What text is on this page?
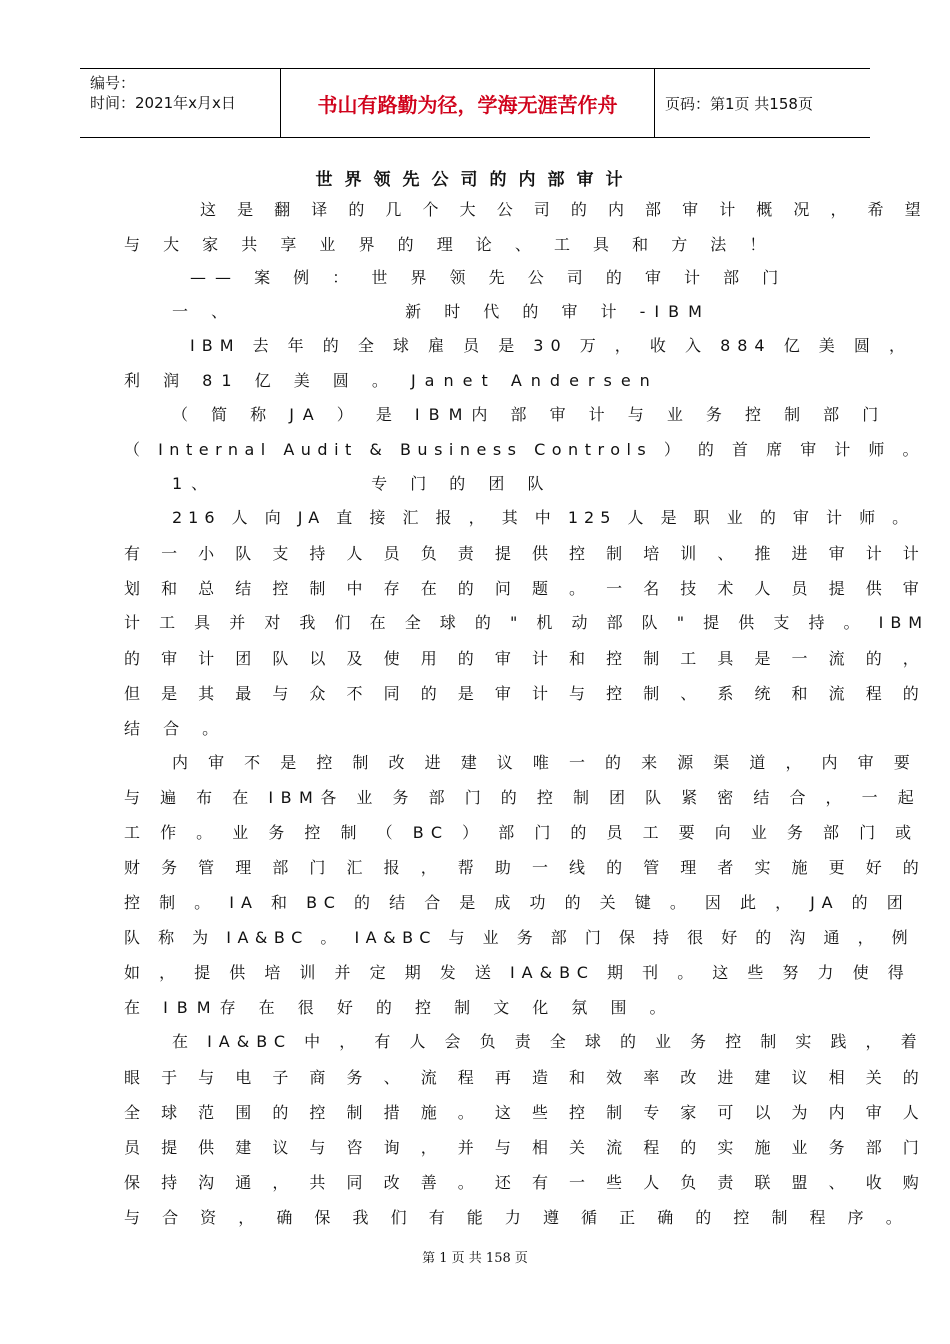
编号：
时间：2021年x月x日	书山有路勤为径，学海无涯苦作舟	页码：第1页 共158页
世界领先公司的内部审计
这 是 翻 译 的 几 个 大 公 司 的 内 部 审 计 概 况 ， 希 望
与 大 家 共 享 业 界 的 理 论 、 工 具 和 方 法 ！
—— 案 例 ： 世 界 领 先 公 司 的 审 计 部 门
一 、            新 时 代 的 审 计 -IBM
IBM 去 年 的 全 球 雇 员 是 30 万 ， 收 入 884 亿 美 圆 ，
利 润 81 亿 美 圆 。 Janet Andersen
（ 简 称 JA ） 是 IBM内 部 审 计 与 业 务 控 制 部 门
（ Internal Audit & Business Controls ） 的 首 席 审 计 师 。
1、           专 门 的 团 队
216 人 向 JA 直 接 汇 报 ， 其 中 125 人 是 职 业 的 审 计 师 。
有 一 小 队 支 持 人 员 负 责 提 供 控 制 培 训 、 推 进 审 计 计
划 和 总 结 控 制 中 存 在 的 问 题 。 一 名 技 术 人 员 提 供 审
计 工 具 并 对 我 们 在 全 球 的 " 机 动 部 队 " 提 供 支 持 。 IBM
的 审 计 团 队 以 及 使 用 的 审 计 和 控 制 工 具 是 一 流 的 ，
但 是 其 最 与 众 不 同 的 是 审 计 与 控 制 、 系 统 和 流 程 的
结 合 。
内 审 不 是 控 制 改 进 建 议 唯 一 的 来 源 渠 道 ， 内 审 要
与 遍 布 在 IBM各 业 务 部 门 的 控 制 团 队 紧 密 结 合 ， 一 起
工 作 。 业 务 控 制 （ BC ） 部 门 的 员 工 要 向 业 务 部 门 或
财 务 管 理 部 门 汇 报 ， 帮 助 一 线 的 管 理 者 实 施 更 好 的
控 制 。 IA 和 BC 的 结 合 是 成 功 的 关 键 。 因 此 ， JA 的 团
队 称 为 IA&BC 。 IA&BC 与 业 务 部 门 保 持 很 好 的 沟 通 ， 例
如 ， 提 供 培 训 并 定 期 发 送 IA&BC 期 刊 。 这 些 努 力 使 得
在 IBM存 在 很 好 的 控 制 文 化 氛 围 。
在 IA&BC 中 ， 有 人 会 负 责 全 球 的 业 务 控 制 实 践 ， 着
眼 于 与 电 子 商 务 、 流 程 再 造 和 效 率 改 进 建 议 相 关 的
全 球 范 围 的 控 制 措 施 。 这 些 控 制 专 家 可 以 为 内 审 人
员 提 供 建 议 与 咨 询 ， 并 与 相 关 流 程 的 实 施 业 务 部 门
保 持 沟 通 ， 共 同 改 善 。 还 有 一 些 人 负 责 联 盟 、 收 购
与 合 资 ， 确 保 我 们 有 能 力 遵 循 正 确 的 控 制 程 序 。
第 1 页 共 158 页
